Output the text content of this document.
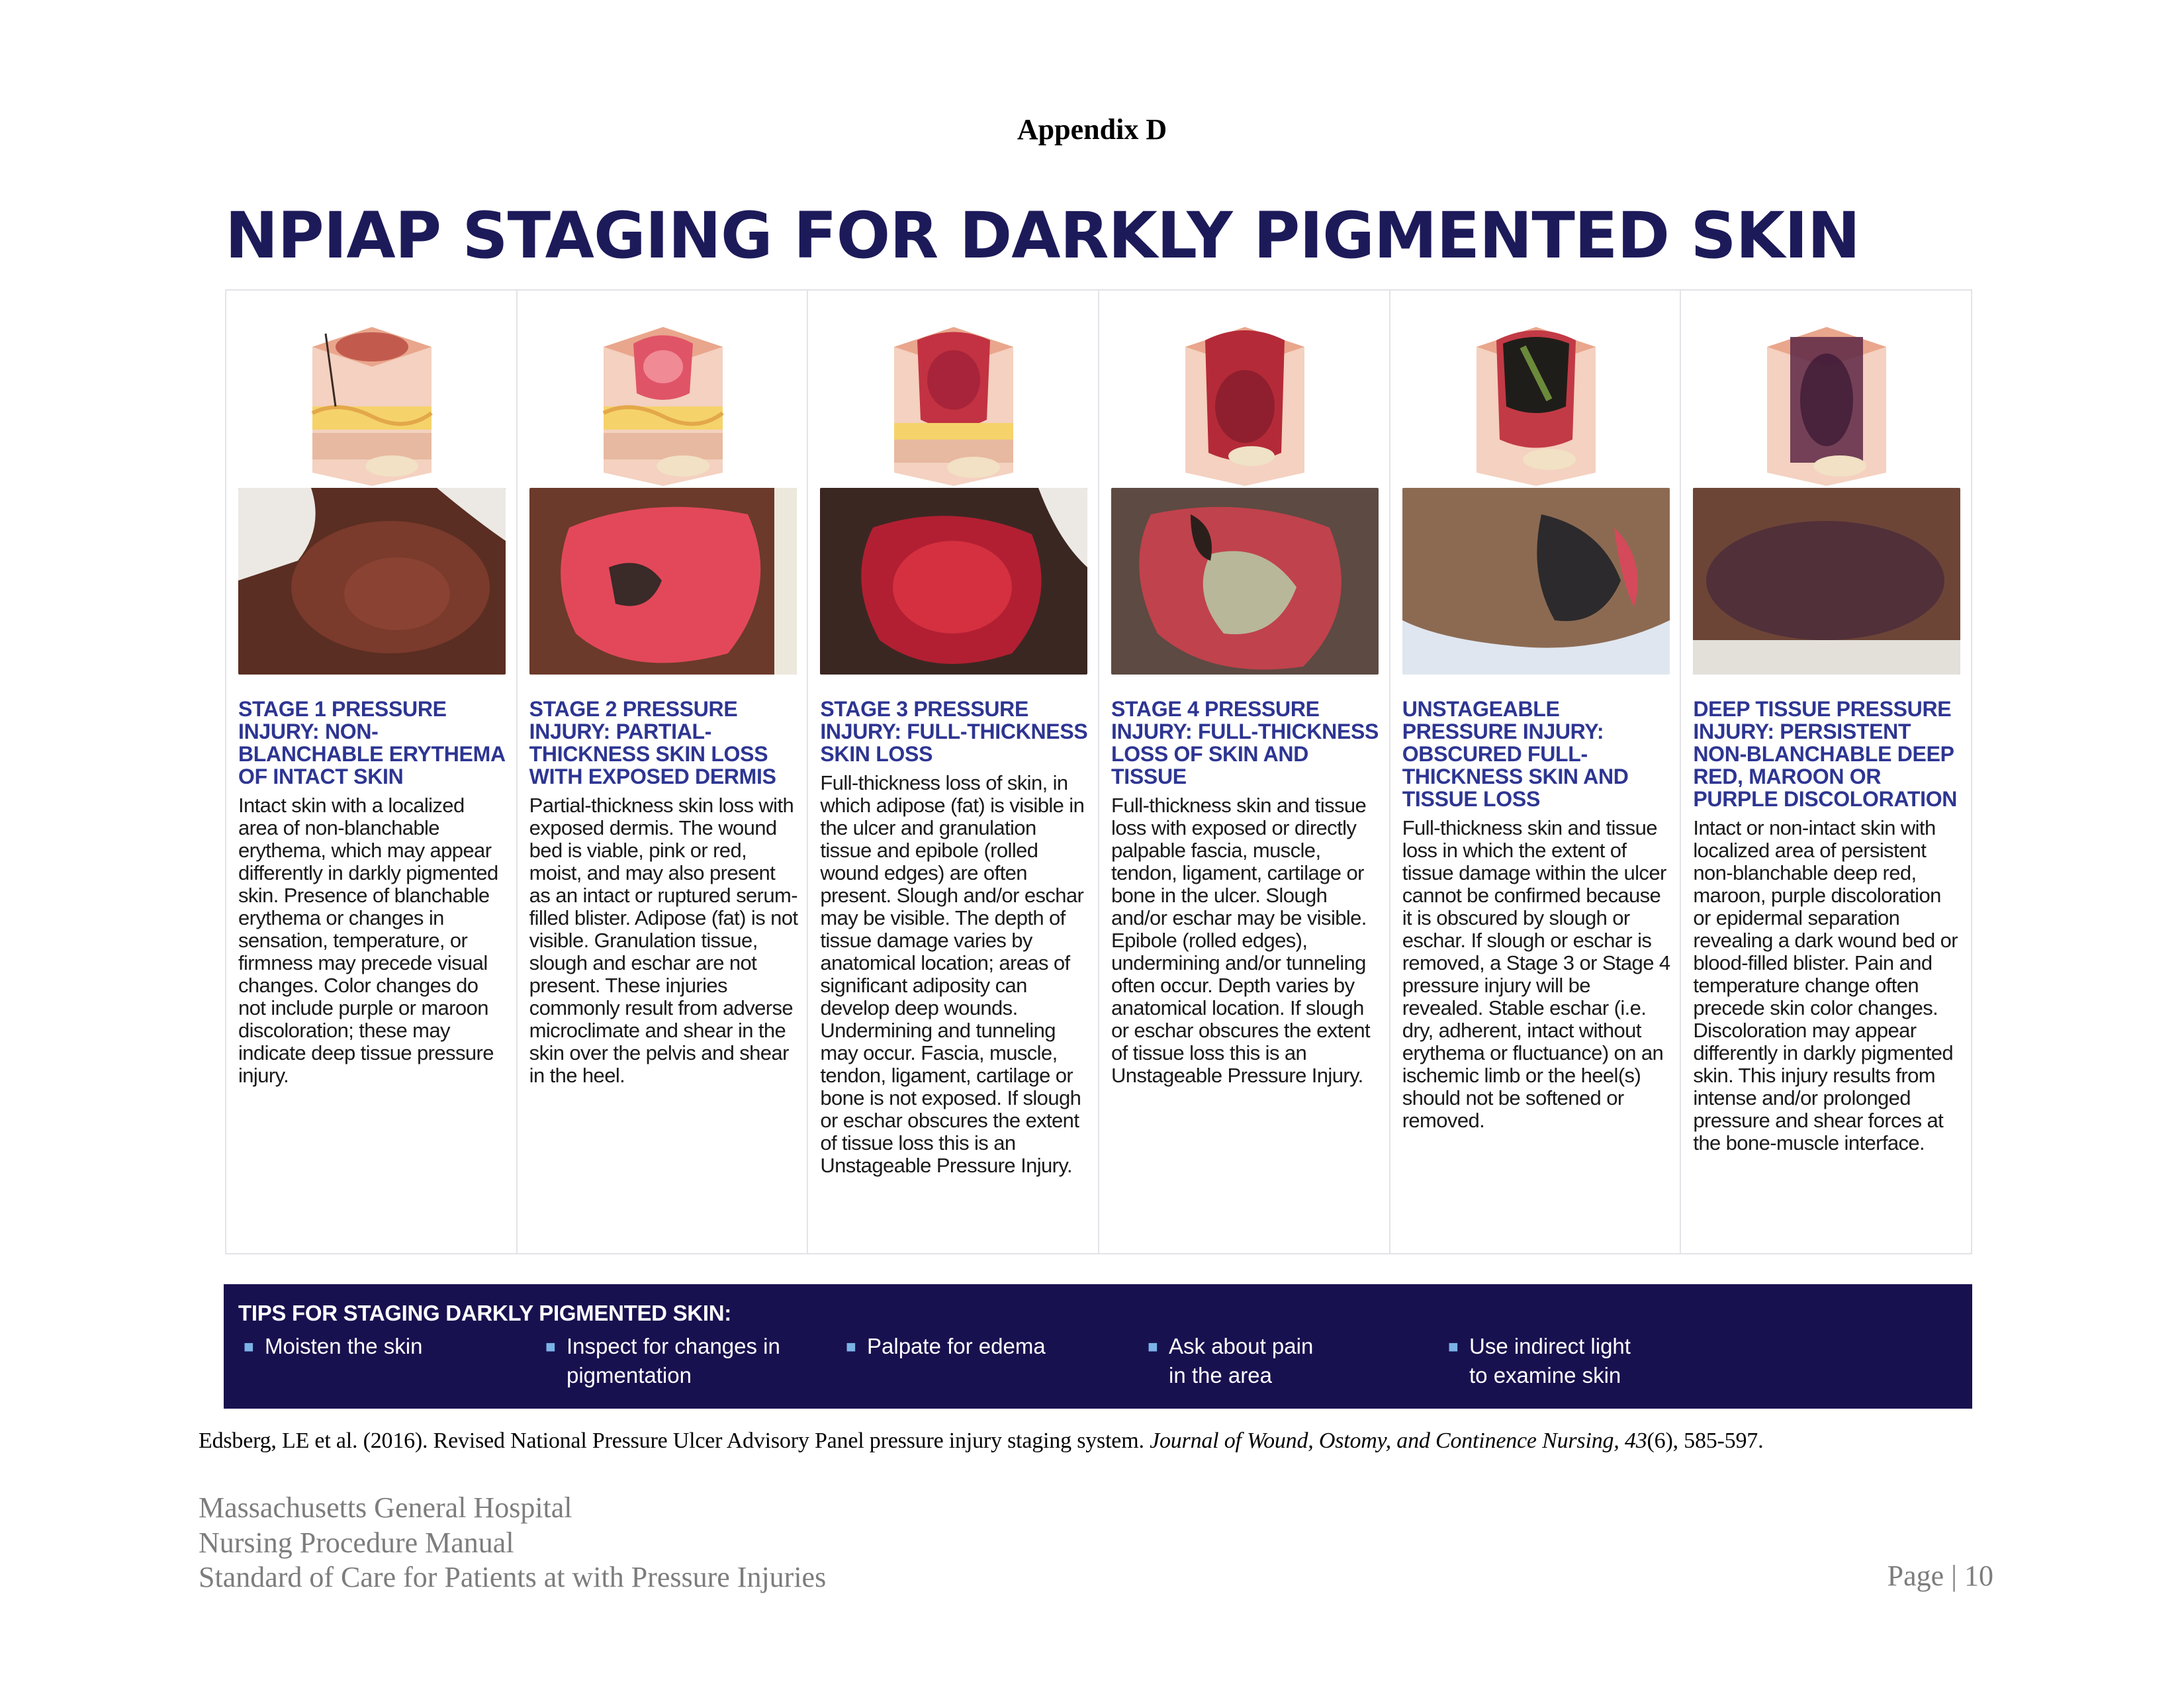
Appendix D
NPIAP STAGING FOR DARKLY PIGMENTED SKIN
STAGE 1 PRESSURE INJURY: NON-BLANCHABLE ERYTHEMA OF INTACT SKIN
Intact skin with a localized area of non-blanchable erythema, which may appear differently in darkly pigmented skin. Presence of blanchable erythema or changes in sensation, temperature, or firmness may precede visual changes. Color changes do not include purple or maroon discoloration; these may indicate deep tissue pressure injury.
STAGE 2 PRESSURE INJURY: PARTIAL-THICKNESS SKIN LOSS WITH EXPOSED DERMIS
Partial-thickness skin loss with exposed dermis. The wound bed is viable, pink or red, moist, and may also present as an intact or ruptured serum-filled blister. Adipose (fat) is not visible. Granulation tissue, slough and eschar are not present. These injuries commonly result from adverse microclimate and shear in the skin over the pelvis and shear in the heel.
STAGE 3 PRESSURE INJURY: FULL-THICKNESS SKIN LOSS
Full-thickness loss of skin, in which adipose (fat) is visible in the ulcer and granulation tissue and epibole (rolled wound edges) are often present. Slough and/or eschar may be visible. The depth of tissue damage varies by anatomical location; areas of significant adiposity can develop deep wounds. Undermining and tunneling may occur. Fascia, muscle, tendon, ligament, cartilage or bone is not exposed. If slough or eschar obscures the extent of tissue loss this is an Unstageable Pressure Injury.
STAGE 4 PRESSURE INJURY: FULL-THICKNESS LOSS OF SKIN AND TISSUE
Full-thickness skin and tissue loss with exposed or directly palpable fascia, muscle, tendon, ligament, cartilage or bone in the ulcer. Slough and/or eschar may be visible. Epibole (rolled edges), undermining and/or tunneling often occur. Depth varies by anatomical location. If slough or eschar obscures the extent of tissue loss this is an Unstageable Pressure Injury.
UNSTAGEABLE PRESSURE INJURY: OBSCURED FULL-THICKNESS SKIN AND TISSUE LOSS
Full-thickness skin and tissue loss in which the extent of tissue damage within the ulcer cannot be confirmed because it is obscured by slough or eschar. If slough or eschar is removed, a Stage 3 or Stage 4 pressure injury will be revealed. Stable eschar (i.e. dry, adherent, intact without erythema or fluctuance) on an ischemic limb or the heel(s) should not be softened or removed.
DEEP TISSUE PRESSURE INJURY: PERSISTENT NON-BLANCHABLE DEEP RED, MAROON OR PURPLE DISCOLORATION
Intact or non-intact skin with localized area of persistent non-blanchable deep red, maroon, purple discoloration or epidermal separation revealing a dark wound bed or blood-filled blister. Pain and temperature change often precede skin color changes. Discoloration may appear differently in darkly pigmented skin. This injury results from intense and/or prolonged pressure and shear forces at the bone-muscle interface.
TIPS FOR STAGING DARKLY PIGMENTED SKIN:
■ Moisten the skin	■ Inspect for changes in
pigmentation
■ Palpate for edema	■ Ask about pain
in the area
■ Use indirect light
to examine skin
Edsberg, LE et al. (2016). Revised National Pressure Ulcer Advisory Panel pressure injury staging system. Journal of Wound, Ostomy, and Continence Nursing, 43(6), 585-597.
Massachusetts General Hospital
Nursing Procedure Manual
Standard of Care for Patients at with Pressure Injuries	Page | 10
